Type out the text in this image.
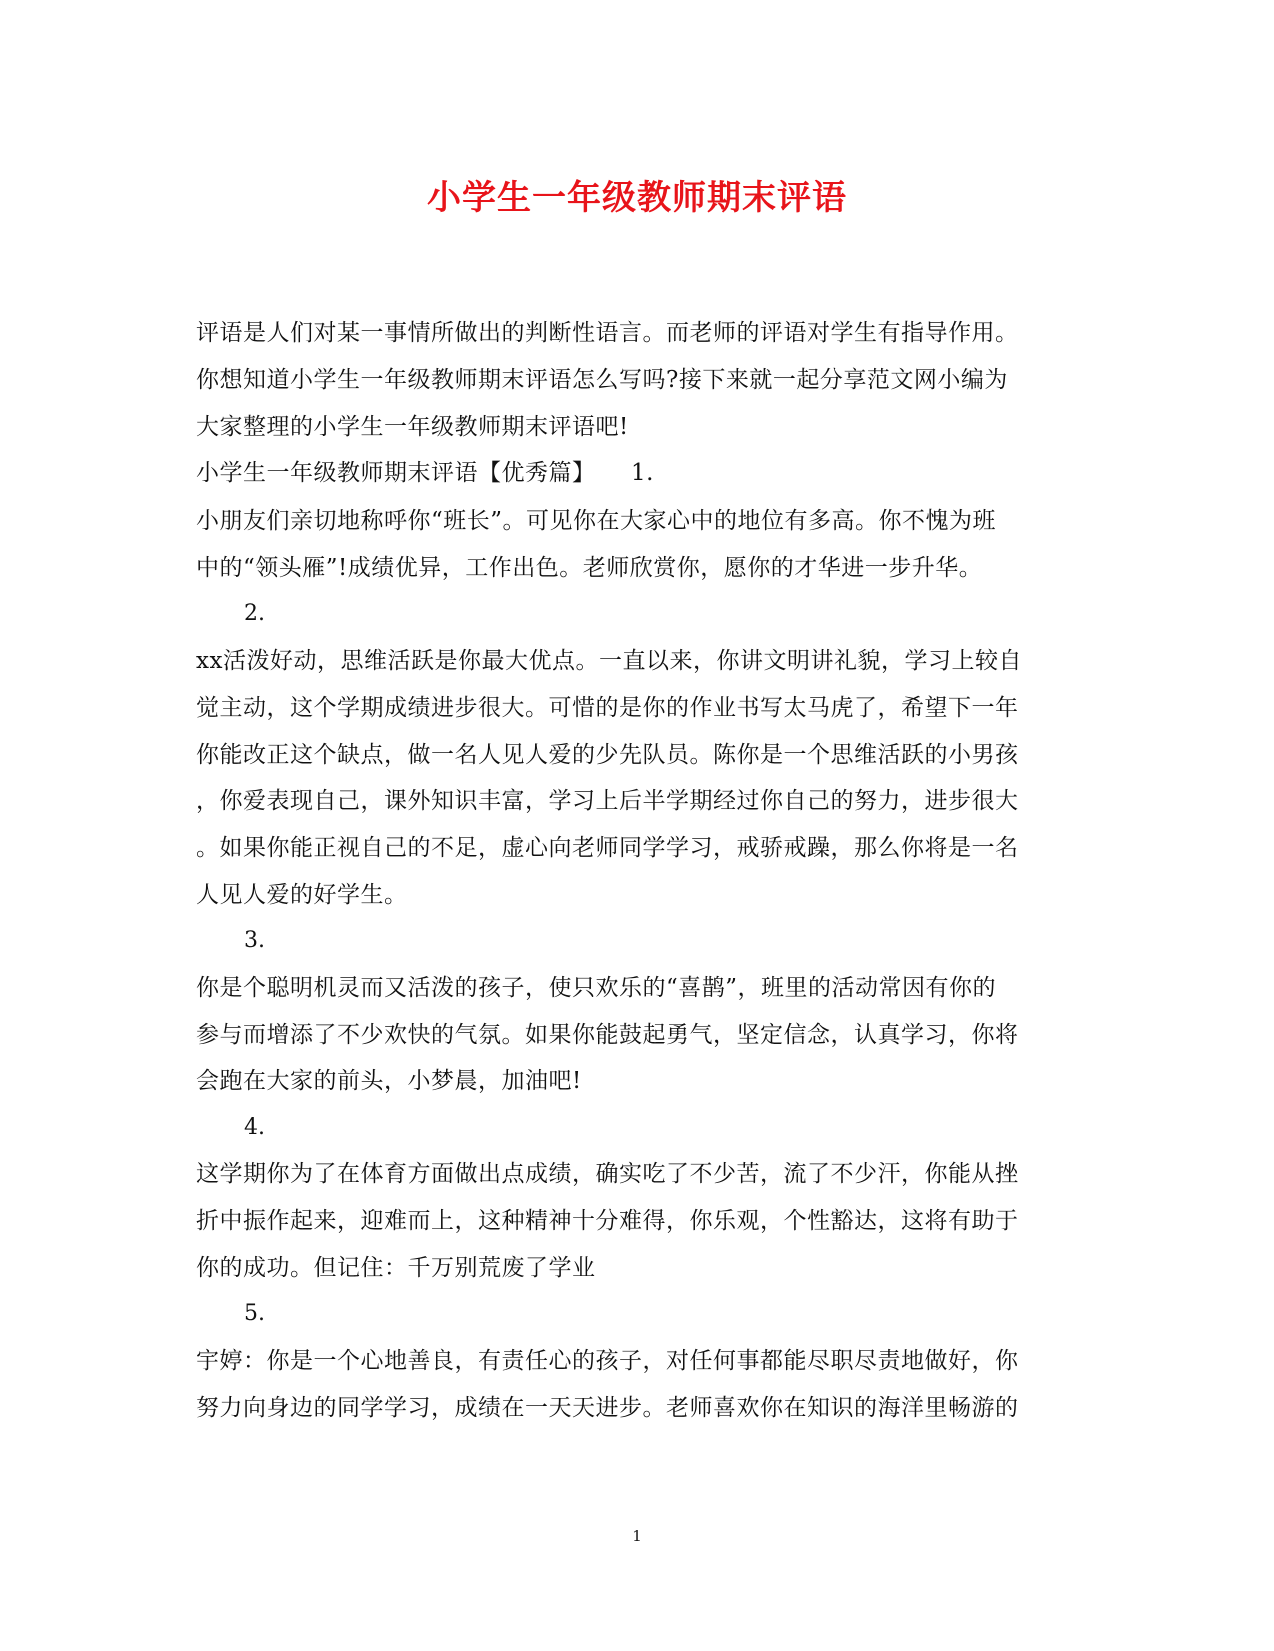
小学生一年级教师期末评语
评语是人们对某一事情所做出的判断性语言。而老师的评语对学生有指导作用。
你想知道小学生一年级教师期末评语怎么写吗?接下来就一起分享范文网小编为
大家整理的小学生一年级教师期末评语吧!
小学生一年级教师期末评语【优秀篇】　　1.
小朋友们亲切地称呼你“班长”。可见你在大家心中的地位有多高。你不愧为班
中的“领头雁”!成绩优异，工作出色。老师欣赏你，愿你的才华进一步升华。
2.
xx活泼好动，思维活跃是你最大优点。一直以来，你讲文明讲礼貌，学习上较自
觉主动，这个学期成绩进步很大。可惜的是你的作业书写太马虎了，希望下一年
你能改正这个缺点，做一名人见人爱的少先队员。陈你是一个思维活跃的小男孩
，你爱表现自己，课外知识丰富，学习上后半学期经过你自己的努力，进步很大
。如果你能正视自己的不足，虚心向老师同学学习，戒骄戒躁，那么你将是一名
人见人爱的好学生。
3.
你是个聪明机灵而又活泼的孩子，使只欢乐的“喜鹊”，班里的活动常因有你的
参与而增添了不少欢快的气氛。如果你能鼓起勇气，坚定信念，认真学习，你将
会跑在大家的前头，小梦晨，加油吧!
4.
这学期你为了在体育方面做出点成绩，确实吃了不少苦，流了不少汗，你能从挫
折中振作起来，迎难而上，这种精神十分难得，你乐观，个性豁达，这将有助于
你的成功。但记住：千万别荒废了学业
5.
宇婷：你是一个心地善良，有责任心的孩子，对任何事都能尽职尽责地做好，你
努力向身边的同学学习，成绩在一天天进步。老师喜欢你在知识的海洋里畅游的
1
